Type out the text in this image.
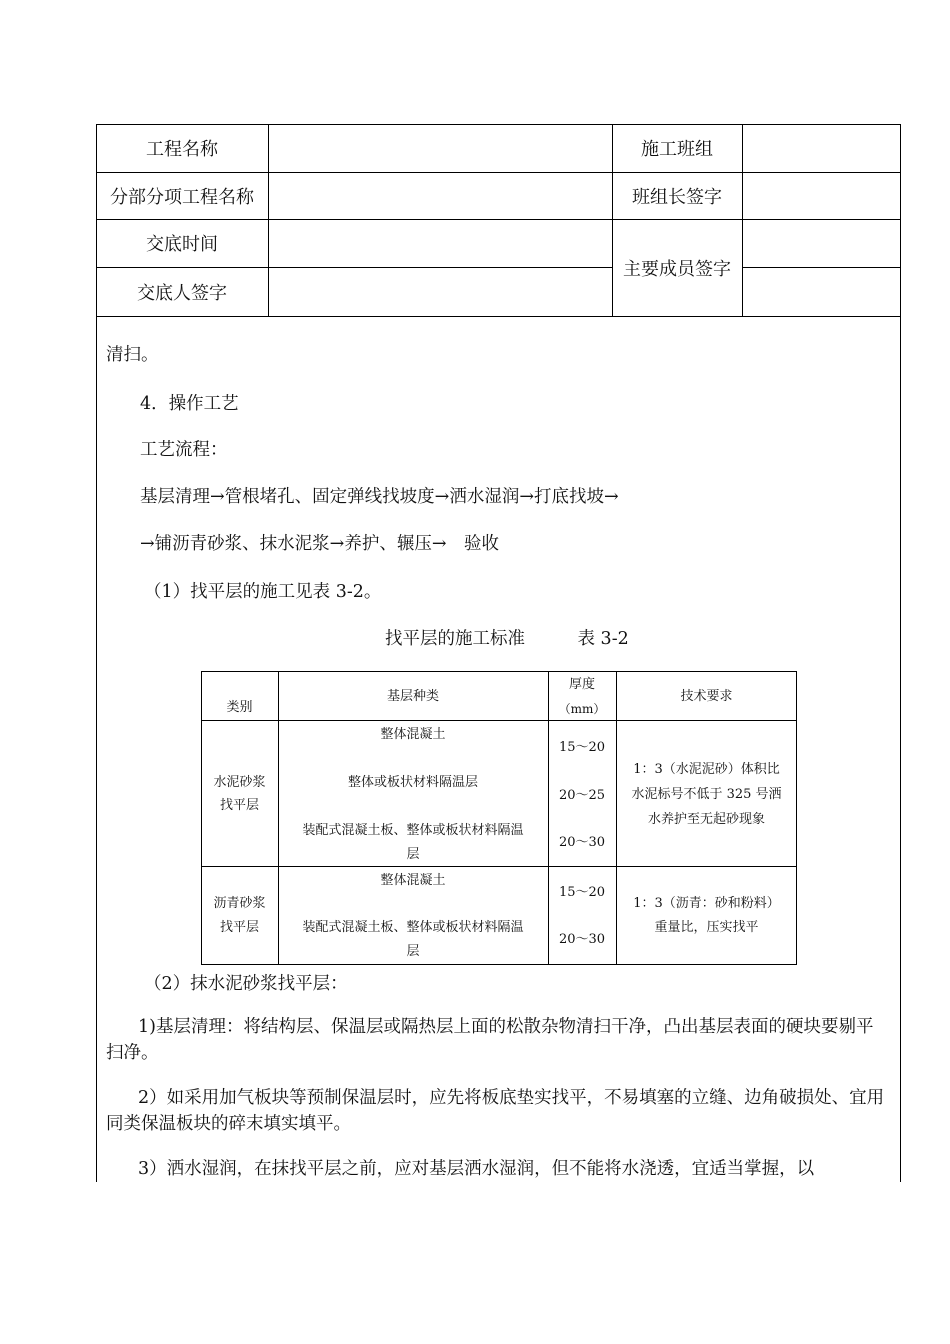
工程名称	施工班组
分部分项工程名称	班组长签字
交底时间
主要成员签字
交底人签字
清扫。
4．操作工艺
工艺流程：
基层清理→管根堵孔、固定弹线找坡度→洒水湿润→打底找坡→
→铺沥青砂浆、抹水泥浆→养护、辗压→　验收
（1）找平层的施工见表 3-2。
找平层的施工标准　　　表 3-2
类别
基层种类
厚度
（mm）
技术要求
水泥砂浆
找平层
整体混凝土
整体或板状材料隔温层
装配式混凝土板、整体或板状材料隔温
层
15～20
20～25
20～30
1：3（水泥泥砂）体积比
水泥标号不低于 325 号洒
水养护至无起砂现象
沥青砂浆
找平层
整体混凝土
装配式混凝土板、整体或板状材料隔温
层
15～20
20～30
1：3（沥青：砂和粉料）
重量比，压实找平
（2）抹水泥砂浆找平层：
1)基层清理：将结构层、保温层或隔热层上面的松散杂物清扫干净，凸出基层表面的硬块要剔平扫净。
2）如采用加气板块等预制保温层时，应先将板底垫实找平，不易填塞的立缝、边角破损处、宜用同类保温板块的碎末填实填平。
3）洒水湿润，在抹找平层之前，应对基层洒水湿润，但不能将水浇透，宜适当掌握，以
